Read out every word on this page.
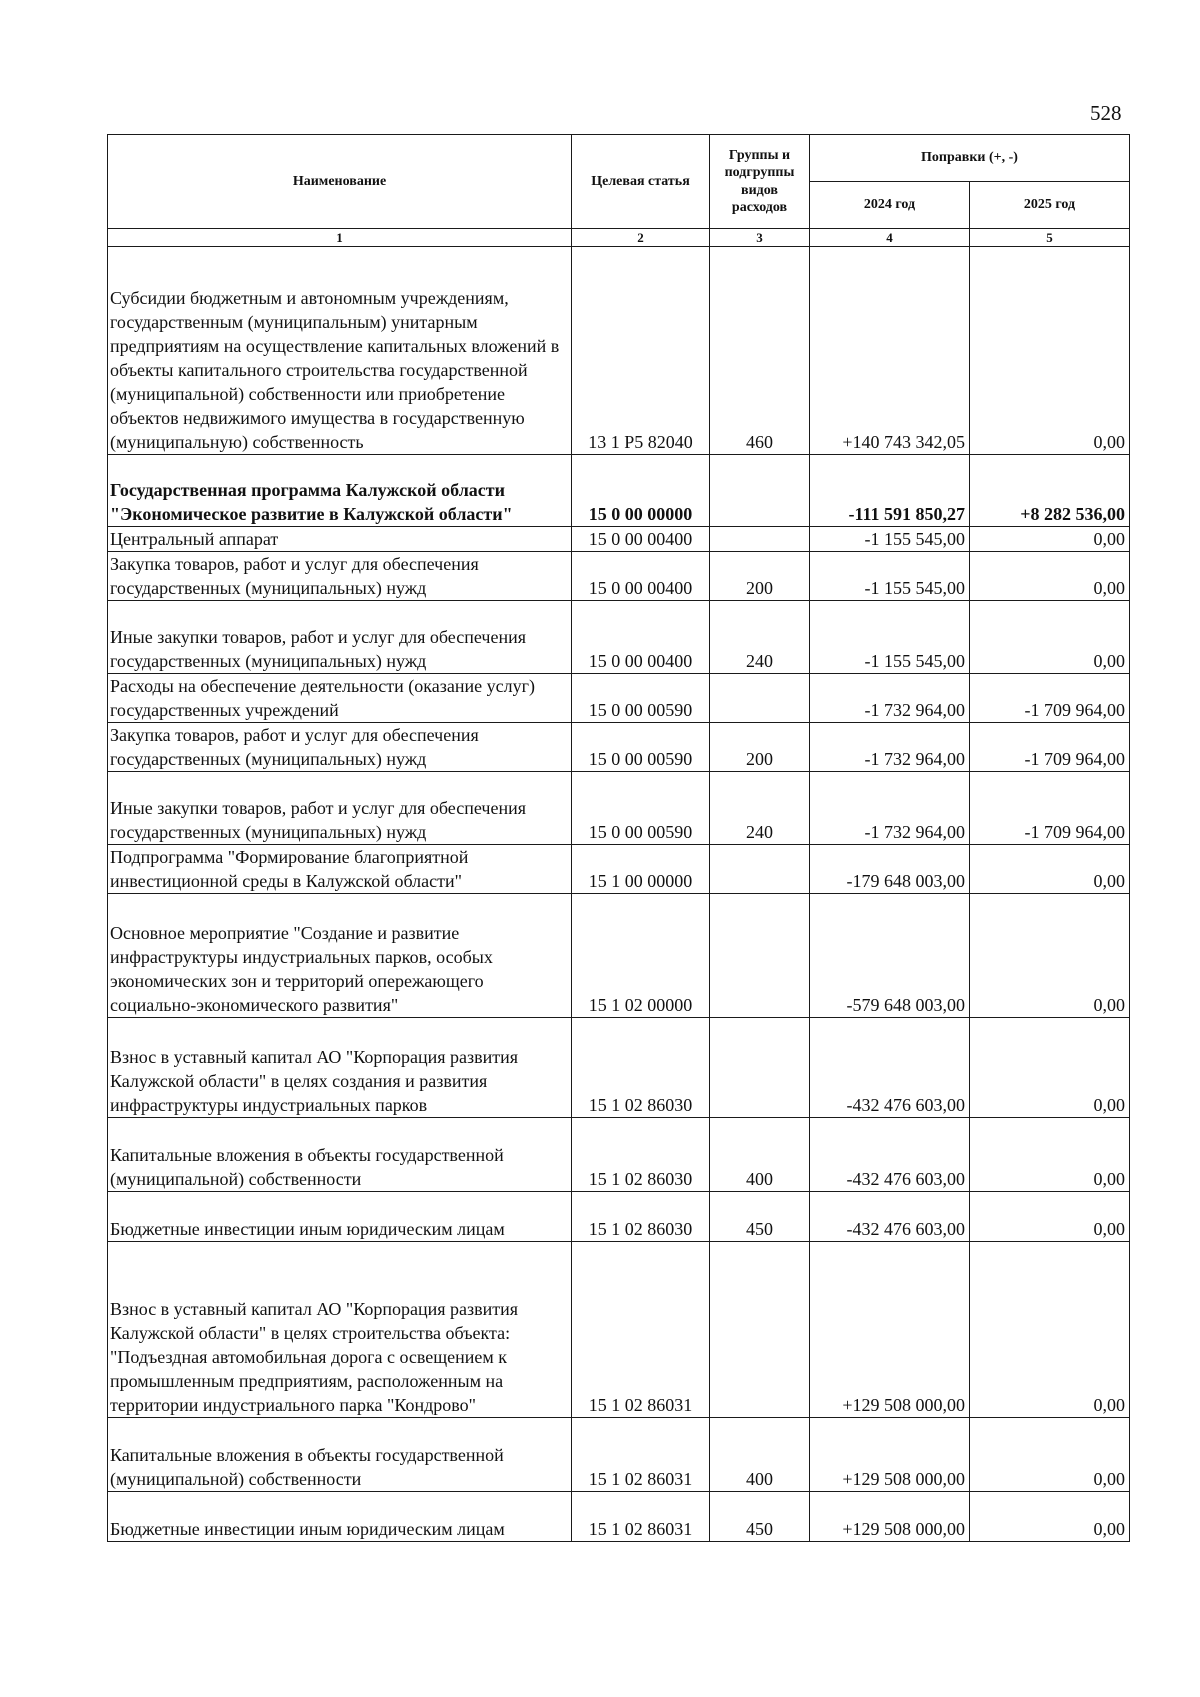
528
Наименование	Целевая статья	Группы и подгруппы видов расходов	Поправки (+, -)	
			2024 год	2025 год
1	2	3	4	5
Субсидии бюджетным и автономным учреждениям, государственным (муниципальным) унитарным предприятиям на осуществление капитальных вложений в объекты капитального строительства государственной (муниципальной) собственности или приобретение объектов недвижимого имущества в государственную (муниципальную) собственность	13 1 P5 82040	460	+140 743 342,05	0,00
Государственная программа Калужской области "Экономическое развитие в Калужской области"	15 0 00 00000		-111 591 850,27	+8 282 536,00
Центральный аппарат	15 0 00 00400		-1 155 545,00	0,00
Закупка товаров, работ и услуг для обеспечения государственных (муниципальных) нужд	15 0 00 00400	200	-1 155 545,00	0,00
Иные закупки товаров, работ и услуг для обеспечения государственных (муниципальных) нужд	15 0 00 00400	240	-1 155 545,00	0,00
Расходы на обеспечение деятельности (оказание услуг) государственных учреждений	15 0 00 00590		-1 732 964,00	-1 709 964,00
Закупка товаров, работ и услуг для обеспечения государственных (муниципальных) нужд	15 0 00 00590	200	-1 732 964,00	-1 709 964,00
Иные закупки товаров, работ и услуг для обеспечения государственных (муниципальных) нужд	15 0 00 00590	240	-1 732 964,00	-1 709 964,00
Подпрограмма "Формирование благоприятной инвестиционной среды в Калужской области"	15 1 00 00000		-179 648 003,00	0,00
Основное мероприятие "Создание и развитие инфраструктуры индустриальных парков, особых экономических зон и территорий опережающего социально-экономического развития"	15 1 02 00000		-579 648 003,00	0,00
Взнос в уставный капитал АО "Корпорация развития Калужской области" в целях создания и развития инфраструктуры индустриальных парков	15 1 02 86030		-432 476 603,00	0,00
Капитальные вложения в объекты государственной (муниципальной) собственности	15 1 02 86030	400	-432 476 603,00	0,00
Бюджетные инвестиции иным юридическим лицам	15 1 02 86030	450	-432 476 603,00	0,00
Взнос в уставный капитал АО "Корпорация развития Калужской области" в целях строительства объекта: "Подъездная автомобильная дорога с освещением к промышленным предприятиям, расположенным на территории индустриального парка "Кондрово"	15 1 02 86031		+129 508 000,00	0,00
Капитальные вложения в объекты государственной (муниципальной) собственности	15 1 02 86031	400	+129 508 000,00	0,00
Бюджетные инвестиции иным юридическим лицам	15 1 02 86031	450	+129 508 000,00	0,00
